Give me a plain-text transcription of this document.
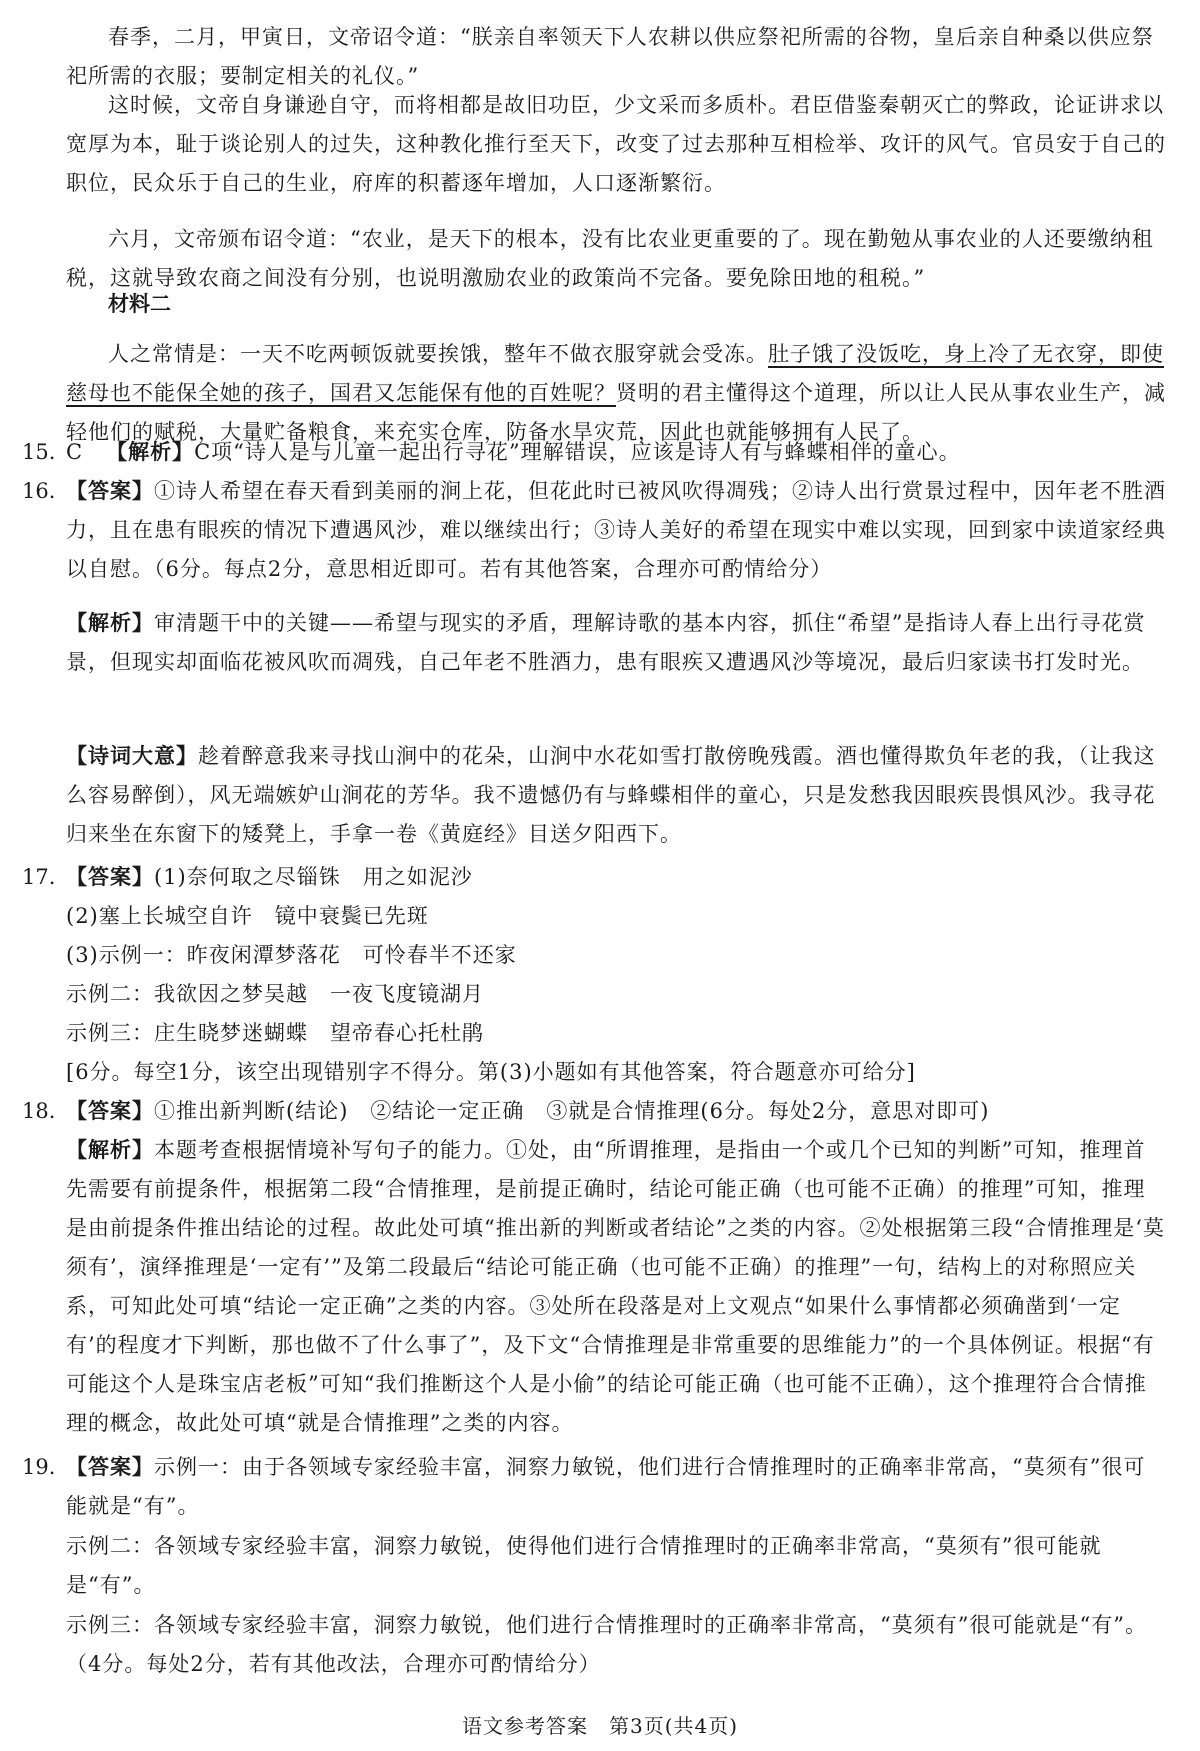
春季，二月，甲寅日，文帝诏令道：“朕亲自率领天下人农耕以供应祭祀所需的谷物，皇后亲自种桑以供应祭祀所需的衣服；要制定相关的礼仪。”

这时候，文帝自身谦逊自守，而将相都是故旧功臣，少文采而多质朴。君臣借鉴秦朝灭亡的弊政，论证讲求以宽厚为本，耻于谈论别人的过失，这种教化推行至天下，改变了过去那种互相检举、攻讦的风气。官员安于自己的职位，民众乐于自己的生业，府库的积蓄逐年增加，人口逐渐繁衍。

六月，文帝颁布诏令道：“农业，是天下的根本，没有比农业更重要的了。现在勤勉从事农业的人还要缴纳租税，这就导致农商之间没有分别，也说明激励农业的政策尚不完备。要免除田地的租税。”

材料二

人之常情是：一天不吃两顿饭就要挨饿，整年不做衣服穿就会受冻。肚子饿了没饭吃，身上冷了无衣穿，即使慈母也不能保全她的孩子，国君又怎能保有他的百姓呢？贤明的君主懂得这个道理，所以让人民从事农业生产，减轻他们的赋税，大量贮备粮食，来充实仓库，防备水旱灾荒，因此也就能够拥有人民了。

15. C 【解析】C项“诗人是与儿童一起出行寻花”理解错误，应该是诗人有与蜂蝶相伴的童心。

16. 【答案】①诗人希望在春天看到美丽的涧上花，但花此时已被风吹得凋残；②诗人出行赏景过程中，因年老不胜酒力，且在患有眼疾的情况下遭遇风沙，难以继续出行；③诗人美好的希望在现实中难以实现，回到家中读道家经典以自慰。（6分。每点2分，意思相近即可。若有其他答案，合理亦可酌情给分）

【解析】审清题干中的关键——希望与现实的矛盾，理解诗歌的基本内容，抓住“希望”是指诗人春上出行寻花赏景，但现实却面临花被风吹而凋残，自己年老不胜酒力，患有眼疾又遭遇风沙等境况，最后归家读书打发时光。

【诗词大意】趁着醉意我来寻找山涧中的花朵，山涧中水花如雪打散傍晚残霞。酒也懂得欺负年老的我，（让我这么容易醉倒），风无端嫉妒山涧花的芳华。我不遗憾仍有与蜂蝶相伴的童心，只是发愁我因眼疾畏惧风沙。我寻花归来坐在东窗下的矮凳上，手拿一卷《黄庭经》目送夕阳西下。

17. 【答案】(1)奈何取之尽锱铢 用之如泥沙

(2)塞上长城空自许 镜中衰鬓已先斑

(3)示例一：昨夜闲潭梦落花 可怜春半不还家

示例二：我欲因之梦吴越 一夜飞度镜湖月

示例三：庄生晓梦迷蝴蝶 望帝春心托杜鹃

[6分。每空1分，该空出现错别字不得分。第(3)小题如有其他答案，符合题意亦可给分]

18. 【答案】①推出新判断(结论) ②结论一定正确 ③就是合情推理(6分。每处2分，意思对即可)

【解析】本题考查根据情境补写句子的能力。①处，由“所谓推理，是指由一个或几个已知的判断”可知，推理首先需要有前提条件，根据第二段“合情推理，是前提正确时，结论可能正确（也可能不正确）的推理”可知，推理是由前提条件推出结论的过程。故此处可填“推出新的判断或者结论”之类的内容。②处根据第三段“合情推理是‘莫须有’，演绎推理是‘一定有’”及第二段最后“结论可能正确（也可能不正确）的推理”一句，结构上的对称照应关系，可知此处可填“结论一定正确”之类的内容。③处所在段落是对上文观点“如果什么事情都必须确凿到‘一定有’的程度才下判断，那也做不了什么事了”，及下文“合情推理是非常重要的思维能力”的一个具体例证。根据“有可能这个人是珠宝店老板”可知“我们推断这个人是小偷”的结论可能正确（也可能不正确），这个推理符合合情推理的概念，故此处可填“就是合情推理”之类的内容。

19. 【答案】示例一：由于各领域专家经验丰富，洞察力敏锐，他们进行合情推理时的正确率非常高，“莫须有”很可能就是“有”。

示例二：各领域专家经验丰富，洞察力敏锐，使得他们进行合情推理时的正确率非常高，“莫须有”很可能就是“有”。

示例三：各领域专家经验丰富，洞察力敏锐，他们进行合情推理时的正确率非常高，“莫须有”很可能就是“有”。（4分。每处2分，若有其他改法，合理亦可酌情给分）

语文参考答案　第3页(共4页)
